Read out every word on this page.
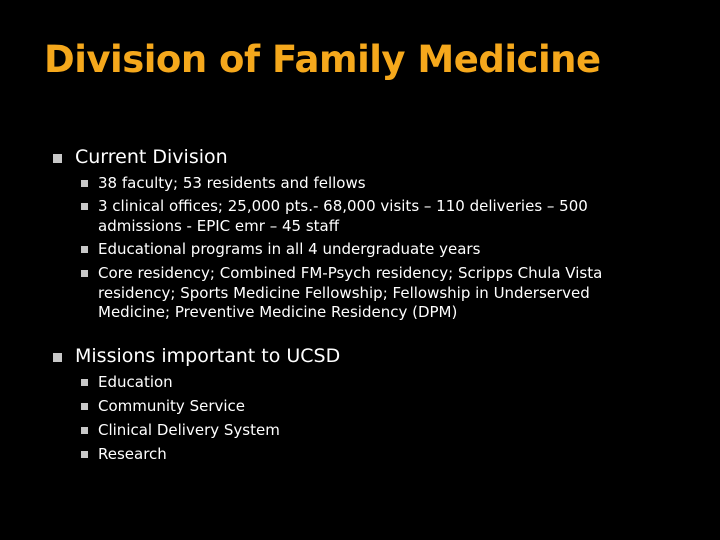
Division of Family Medicine
Current Division
38 faculty; 53 residents and fellows
3 clinical offices; 25,000 pts.- 68,000 visits – 110 deliveries – 500 admissions - EPIC emr – 45 staff
Educational programs in all 4 undergraduate years
Core residency; Combined FM-Psych residency; Scripps Chula Vista residency; Sports Medicine Fellowship; Fellowship in Underserved Medicine; Preventive Medicine Residency (DPM)
Missions important to UCSD
Education
Community Service
Clinical Delivery System
Research
